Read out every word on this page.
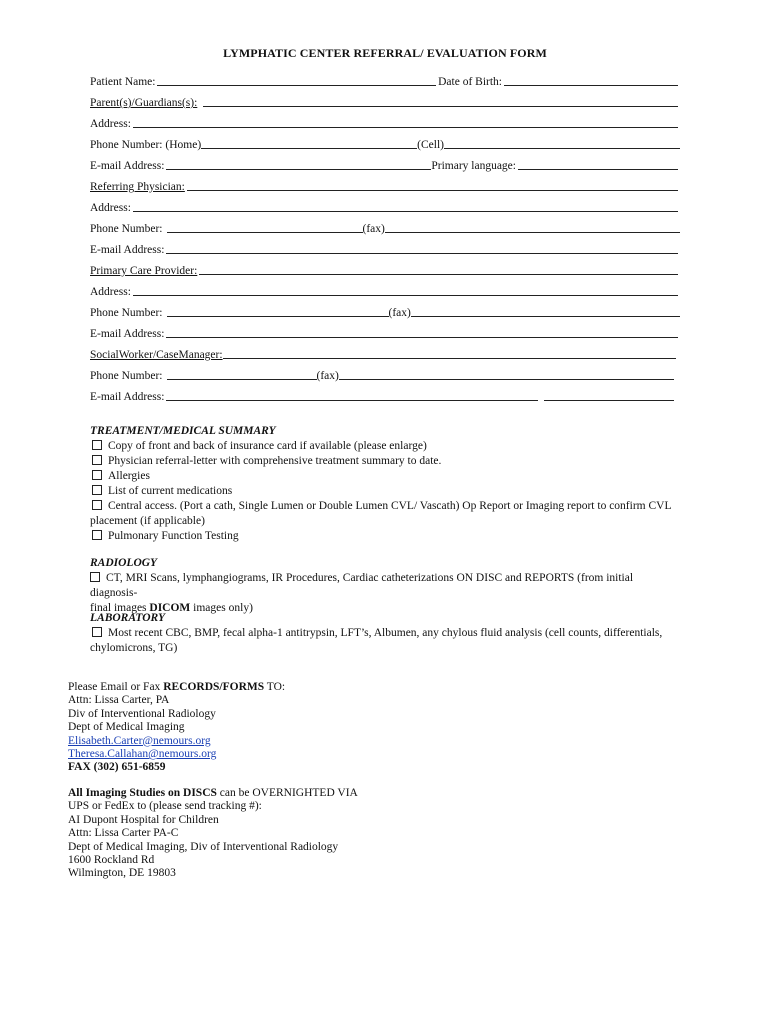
LYMPHATIC CENTER REFERRAL/ EVALUATION FORM
Patient Name:	Date of Birth:
Parent(s)/Guardians(s):
Address:
Phone Number: (Home)	(Cell)
E-mail Address:	Primary language:
Referring Physician:
Address:
Phone Number:	(fax)
E-mail Address:
Primary Care Provider:
Address:
Phone Number:	(fax)
E-mail Address:
SocialWorker/CaseManager:
Phone Number:	(fax)
E-mail Address:
TREATMENT/MEDICAL SUMMARY
Copy of front and back of insurance card if available (please enlarge)
Physician referral-letter with comprehensive treatment summary to date.
Allergies
List of current medications
Central access. (Port a cath, Single Lumen or Double Lumen CVL/ Vascath) Op Report or Imaging report to confirm CVL
placement (if applicable)
Pulmonary Function Testing
RADIOLOGY
CT, MRI Scans, lymphangiograms, IR Procedures, Cardiac catheterizations ON DISC and REPORTS (from initial diagnosis-
final images DICOM images only)
LABORATORY
Most recent CBC, BMP, fecal alpha-1 antitrypsin, LFT’s, Albumen, any chylous fluid analysis (cell counts, differentials,
chylomicrons, TG)
Please Email or Fax RECORDS/FORMS TO:
Attn: Lissa Carter, PA
Div of Interventional Radiology
Dept of Medical Imaging
Elisabeth.Carter@nemours.org
Theresa.Callahan@nemours.org
FAX (302) 651-6859
All Imaging Studies on DISCS can be OVERNIGHTED VIA
UPS or FedEx to (please send tracking #):
AI Dupont Hospital for Children
Attn: Lissa Carter PA-C
Dept of Medical Imaging, Div of Interventional Radiology
1600 Rockland Rd
Wilmington, DE 19803
